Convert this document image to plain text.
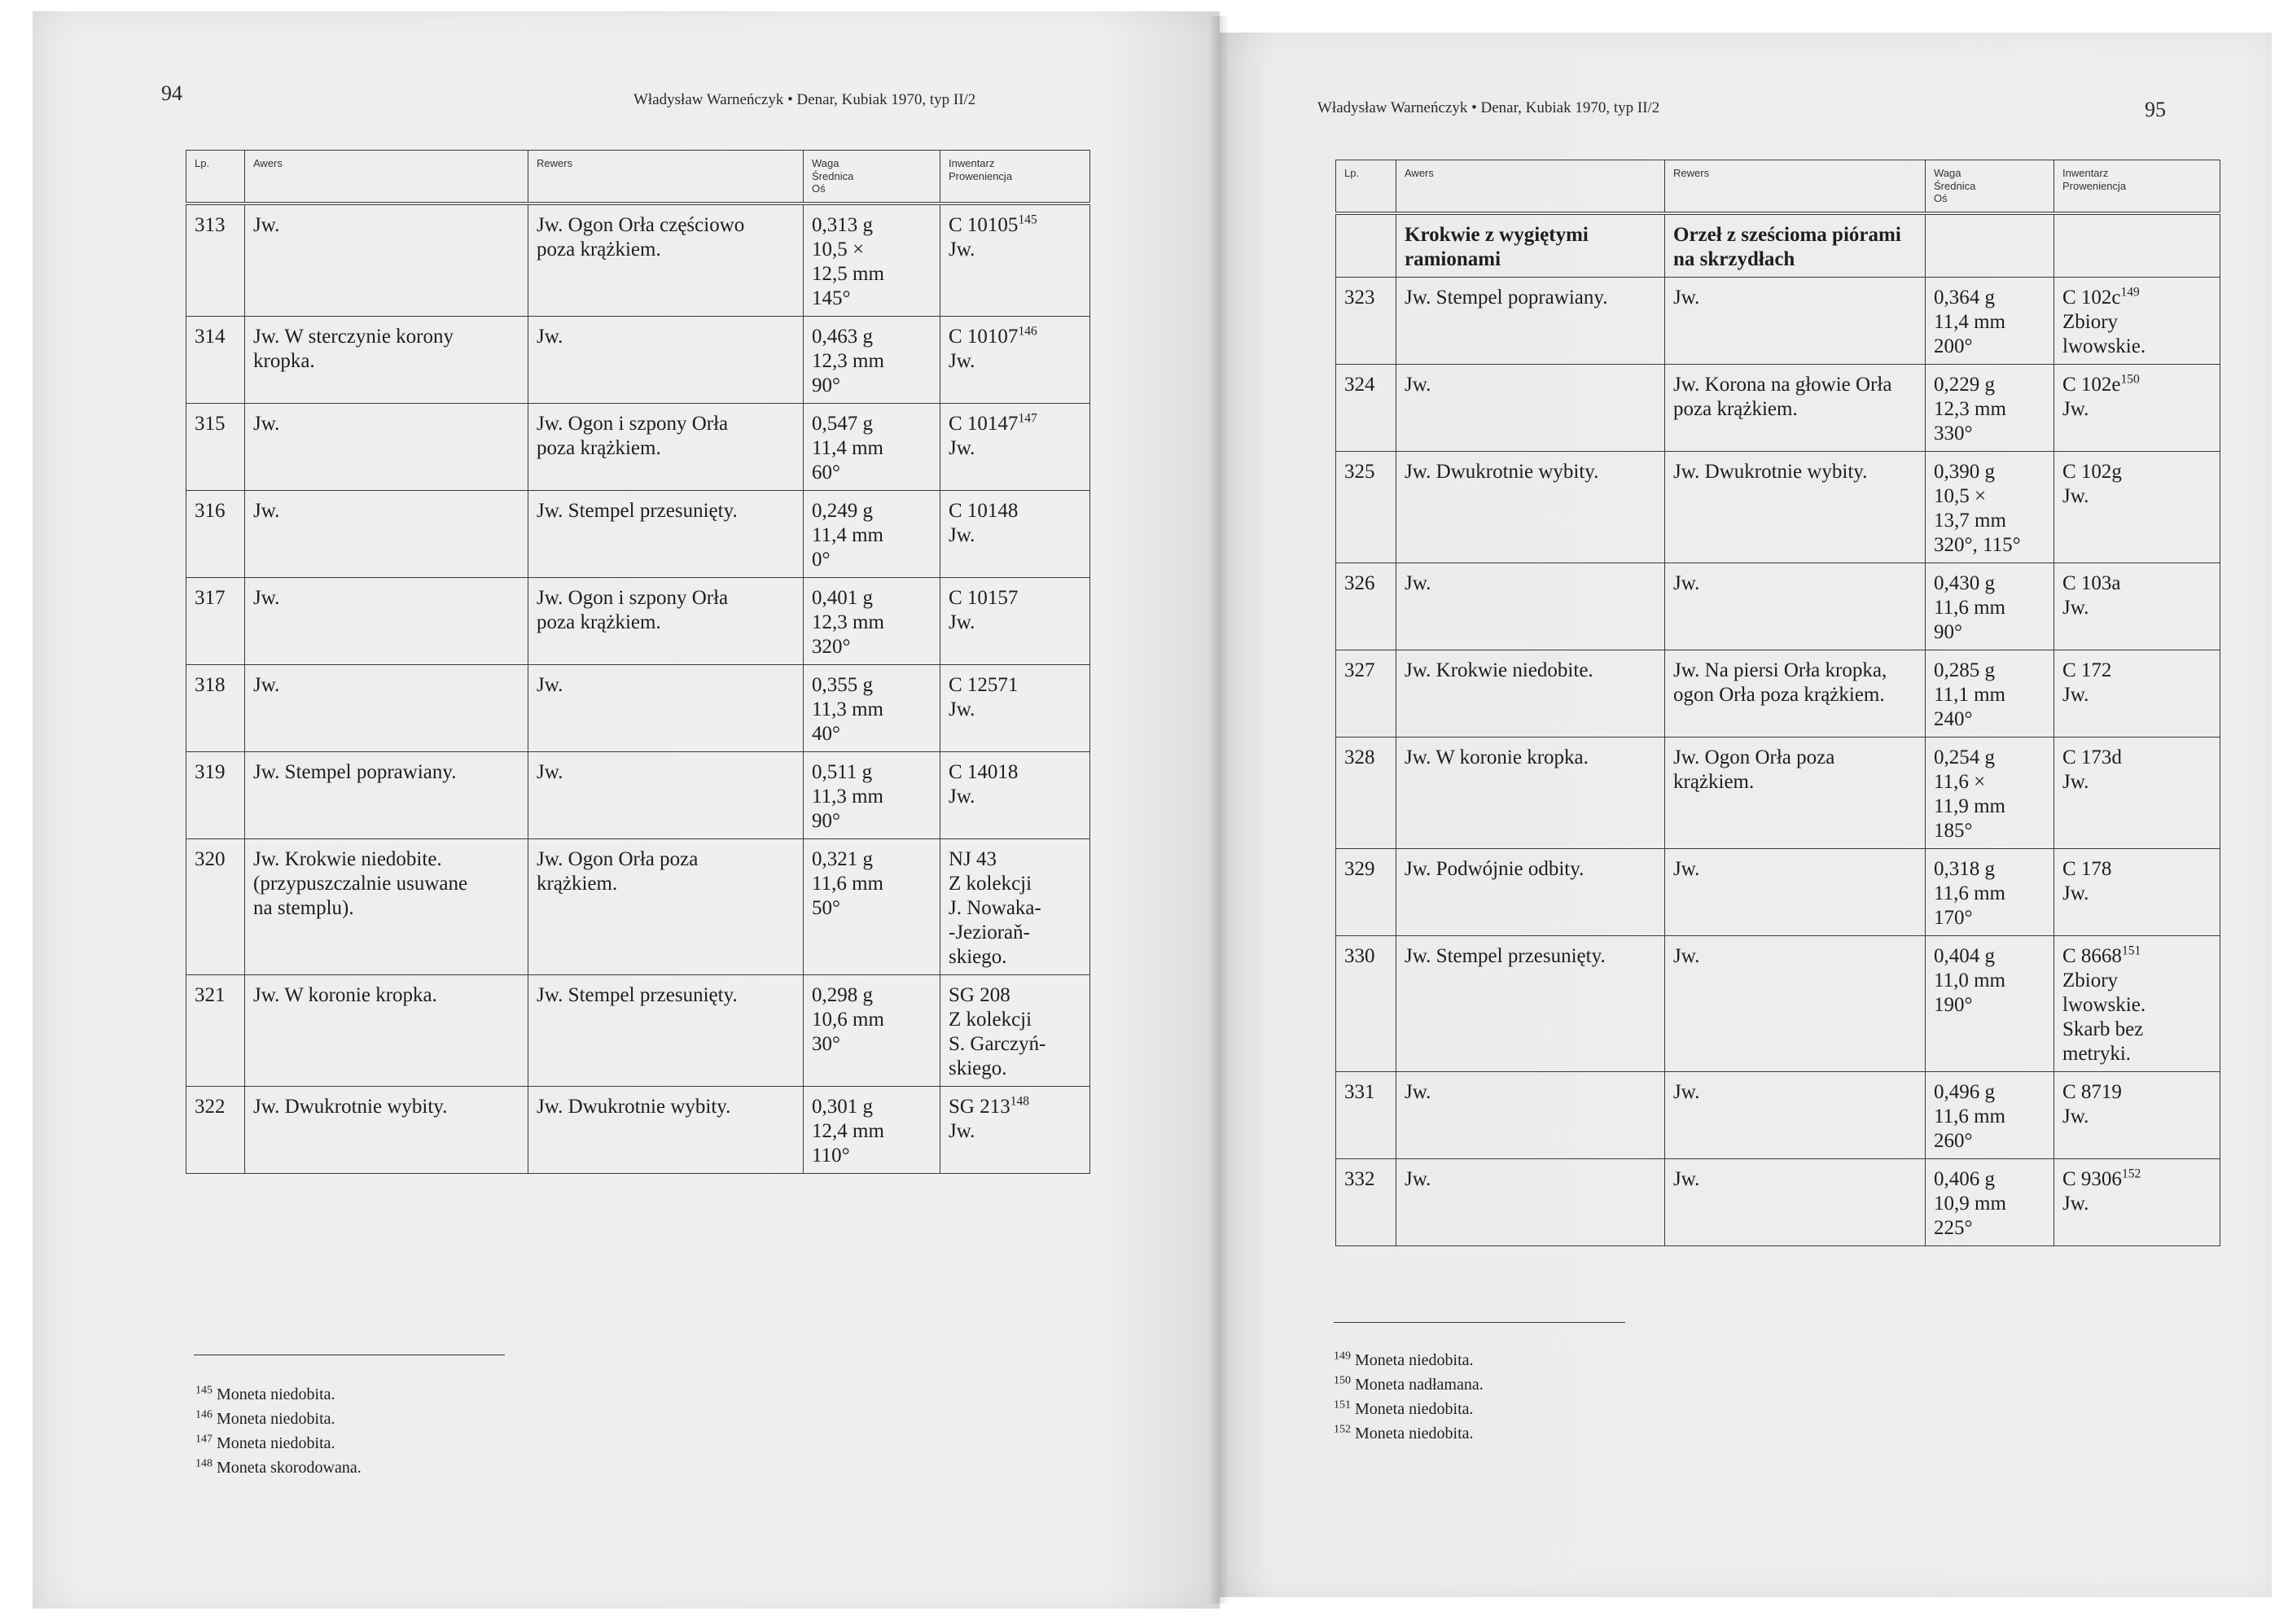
94	Władysław Warneńczyk • Denar, Kubiak 1970, typ II/2
Lp.	Awers	Rewers	Waga
Średnica
Oś	Inwentarz
Proweniencja
313	Jw.	Jw. Ogon Orła częściowo
poza krążkiem.	0,313 g
10,5 ×
12,5 mm
145°	C 10105$^{145}$
Jw.
314	Jw. W sterczynie korony
kropka.	Jw.	0,463 g
12,3 mm
90°	C 10107$^{146}$
Jw.
315	Jw.	Jw. Ogon i szpony Orła
poza krążkiem.	0,547 g
11,4 mm
60°	C 10147$^{147}$
Jw.
316	Jw.	Jw. Stempel przesunięty.	0,249 g
11,4 mm
0°	C 10148
Jw.
317	Jw.	Jw. Ogon i szpony Orła
poza krążkiem.	0,401 g
12,3 mm
320°	C 10157
Jw.
318	Jw.	Jw.	0,355 g
11,3 mm
40°	C 12571
Jw.
319	Jw. Stempel poprawiany.	Jw.	0,511 g
11,3 mm
90°	C 14018
Jw.
320	Jw. Krokwie niedobite.
(przypuszczalnie usuwane
na stemplu).	Jw. Ogon Orła poza
krążkiem.	0,321 g
11,6 mm
50°	NJ 43
Z kolekcji
J. Nowaka-
-Jezioraň-
skiego.
321	Jw. W koronie kropka.	Jw. Stempel przesunięty.	0,298 g
10,6 mm
30°	SG 208
Z kolekcji
S. Garczyń-
skiego.
322	Jw. Dwukrotnie wybity.	Jw. Dwukrotnie wybity.	0,301 g
12,4 mm
110°	SG $213^{148}$
Jw.
$^{145}$ Moneta niedobita.
$^{146}$ Moneta niedobita.
$^{147}$ Moneta niedobita.
$^{148}$ Moneta skorodowana.
Władysław Warneńczyk • Denar, Kubiak 1970, typ II/2	95
Lp.	Awers	Rewers	Waga
Średnica
Oś	Inwentarz
Proweniencja
	Krokwie z wygiętymi
ramionami	Orzeł z sześcioma piórami
na skrzydłach		
323	Jw. Stempel poprawiany.	Jw.	0,364 g
11,4 mm
200°	C $102c^{149}$
Zbiory
lwowskie.
324	Jw.	Jw. Korona na głowie Orła
poza krążkiem.	0,229 g
12,3 mm
330°	C $102e^{150}$
Jw.
325	Jw. Dwukrotnie wybity.	Jw. Dwukrotnie wybity.	0,390 g
10,5 ×
13,7 mm
320°, 115°	C 102g
Jw.
326	Jw.	Jw.	0,430 g
11,6 mm
90°	C 103a
Jw.
327	Jw. Krokwie niedobite.	Jw. Na piersi Orła kropka,
ogon Orła poza krążkiem.	0,285 g
11,1 mm
240°	C 172
Jw.
328	Jw. W koronie kropka.	Jw. Ogon Orła poza
krążkiem.	0,254 g
11,6 ×
11,9 mm
185°	C 173d
Jw.
329	Jw. Podwójnie odbity.	Jw.	0,318 g
11,6 mm
170°	C 178
Jw.
330	Jw. Stempel przesunięty.	Jw.	0,404 g
11,0 mm
190°	C 8668$^{151}$
Zbiory
lwowskie.
Skarb bez
metryki.
331	Jw.	Jw.	0,496 g
11,6 mm
260°	C 8719
Jw.
332	Jw.	Jw.	0,406 g
10,9 mm
225°	C 9306$^{152}$
Jw.
$^{149}$ Moneta niedobita.
$^{150}$ Moneta nadłamana.
$^{151}$ Moneta niedobita.
$^{152}$ Moneta niedobita.
